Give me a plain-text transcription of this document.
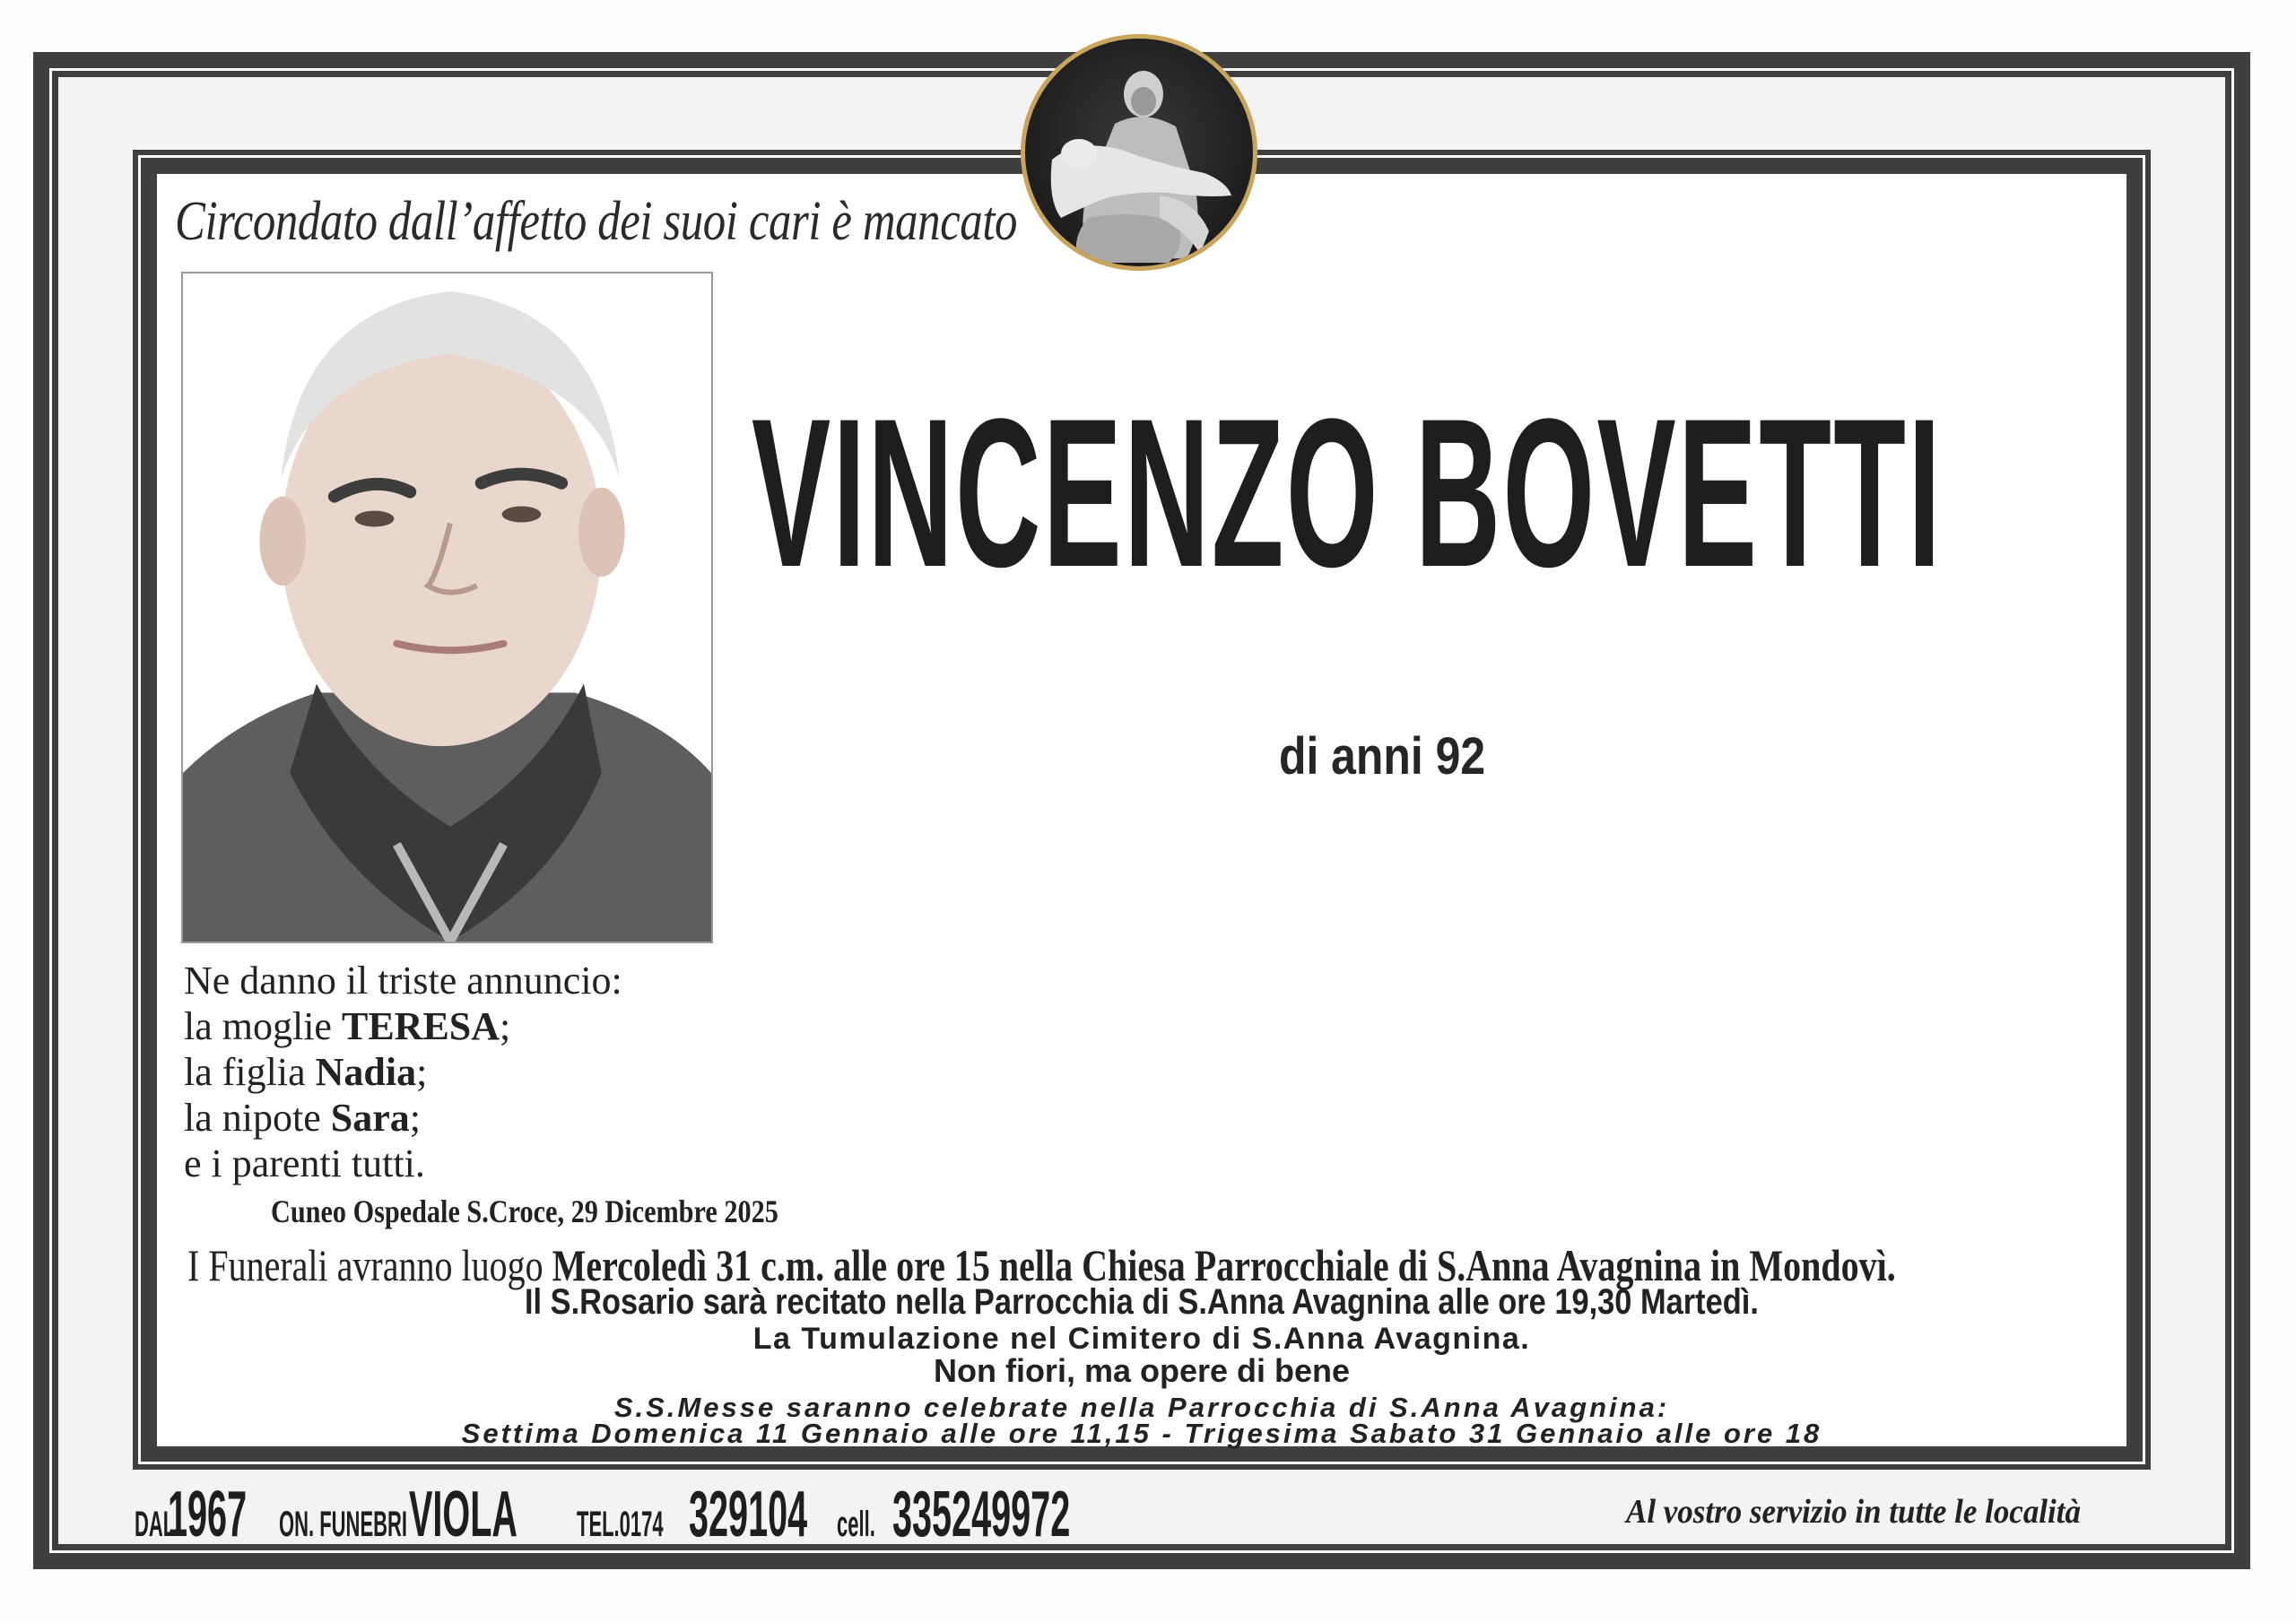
Circondato dall’affetto dei suoi cari è mancato
VINCENZO BOVETTI
di anni 92
Ne danno il triste annuncio:
la moglie TERESA;
la figlia Nadia;
la nipote Sara;
e i parenti tutti.
Cuneo Ospedale S.Croce, 29 Dicembre 2025
I Funerali avranno luogo Mercoledì 31 c.m. alle ore 15 nella Chiesa Parrocchiale di S.Anna Avagnina in Mondovì.
Il S.Rosario sarà recitato nella Parrocchia di S.Anna Avagnina alle ore 19,30 Martedì.
La Tumulazione nel Cimitero di S.Anna Avagnina.
Non fiori, ma opere di bene
S.S.Messe saranno celebrate nella Parrocchia di S.Anna Avagnina:
Settima Domenica 11 Gennaio alle ore 11,15 - Trigesima Sabato 31 Gennaio alle ore 18
DAL 1967 ON. FUNEBRI VIOLA TEL.0174 329104 cell. 335249972	Al vostro servizio in tutte le località
